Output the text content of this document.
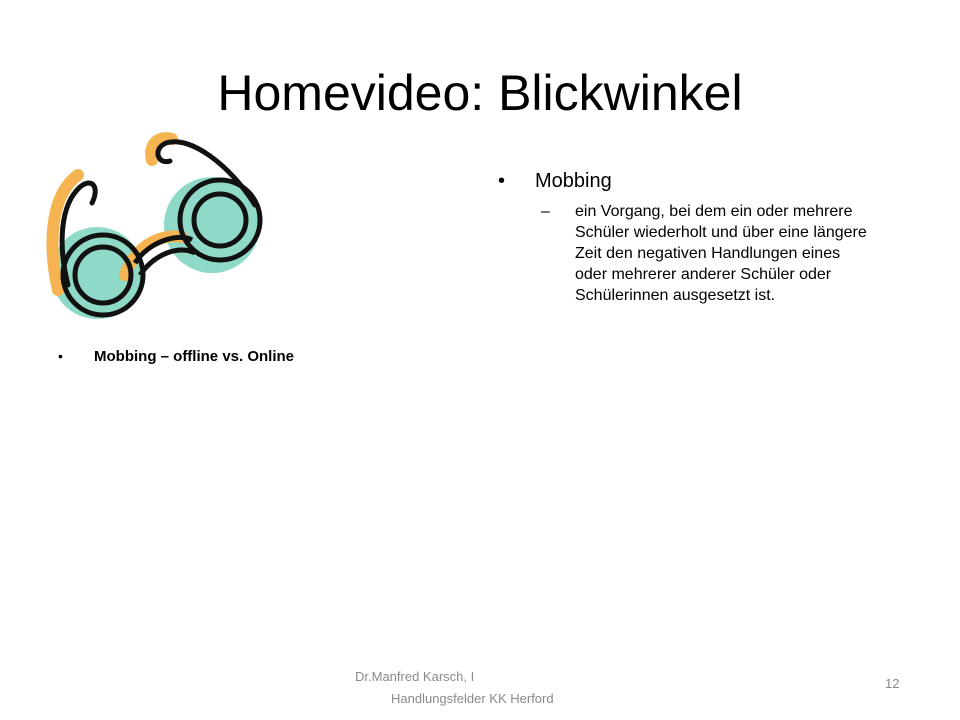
Homevideo: Blickwinkel
•	Mobbing – offline vs. Online
•	Mobbing
–	ein Vorgang, bei dem ein oder mehrere Schüler wiederholt und über eine längere Zeit den negativen Handlungen eines oder mehrerer anderer Schüler oder Schülerinnen ausgesetzt ist.
Dr.Manfred Karsch, I
Handlungsfelder KK Herford
12
